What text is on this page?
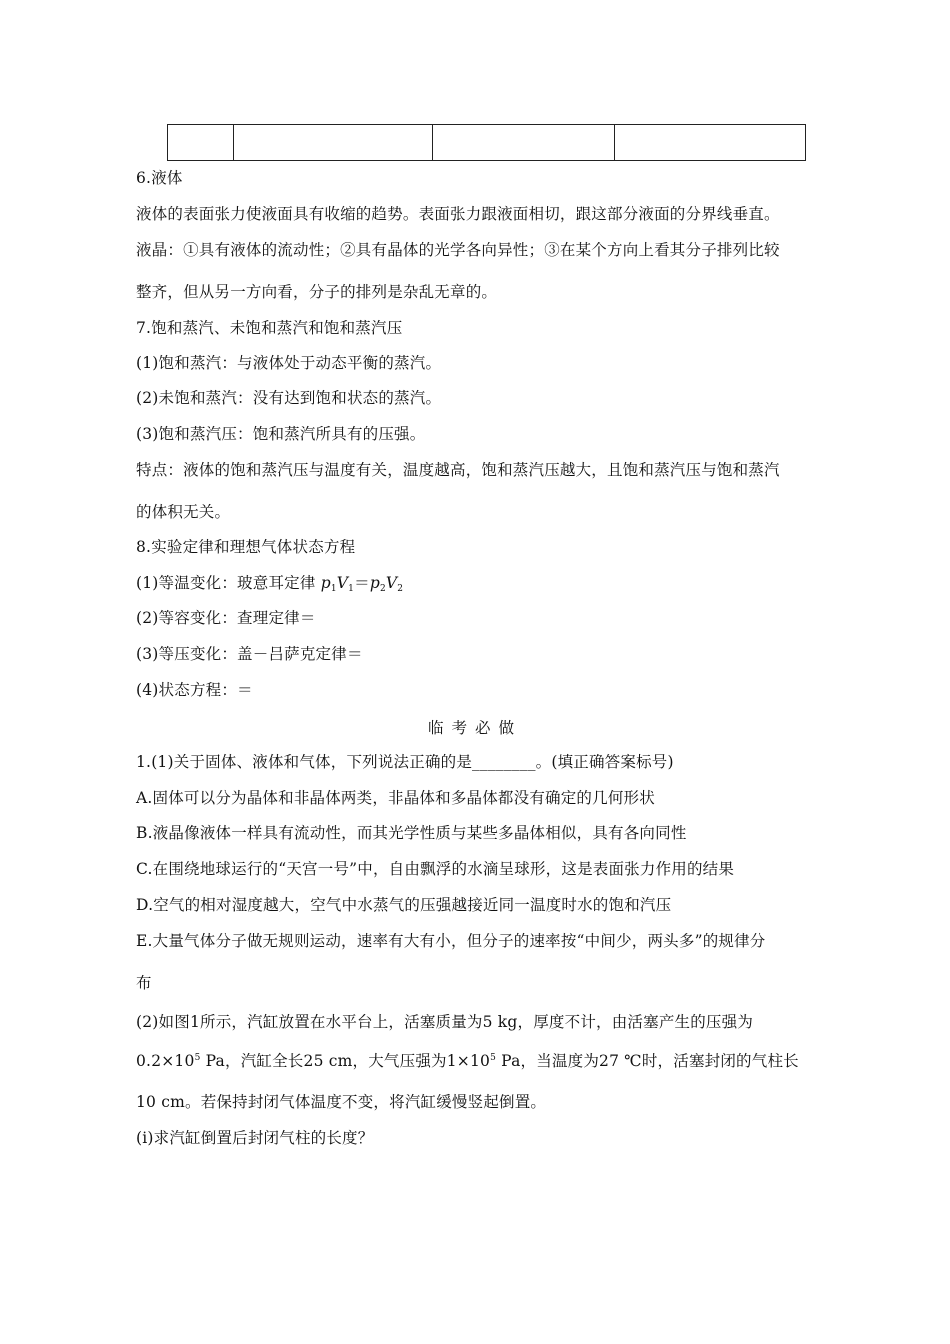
6.液体
液体的表面张力使液面具有收缩的趋势。表面张力跟液面相切，跟这部分液面的分界线垂直。
液晶：①具有液体的流动性；②具有晶体的光学各向异性；③在某个方向上看其分子排列比较
整齐，但从另一方向看，分子的排列是杂乱无章的。
7.饱和蒸汽、未饱和蒸汽和饱和蒸汽压
(1)饱和蒸汽：与液体处于动态平衡的蒸汽。
(2)未饱和蒸汽：没有达到饱和状态的蒸汽。
(3)饱和蒸汽压：饱和蒸汽所具有的压强。
特点：液体的饱和蒸汽压与温度有关，温度越高，饱和蒸汽压越大，且饱和蒸汽压与饱和蒸汽
的体积无关。
8.实验定律和理想气体状态方程
(1)等温变化：玻意耳定律 $p_1V_1=p_2V_2$
(2)等容变化：查理定律＝
(3)等压变化：盖－吕萨克定律＝
(4)状态方程：＝
临考必做
1.(1)关于固体、液体和气体，下列说法正确的是________。(填正确答案标号)
A.固体可以分为晶体和非晶体两类，非晶体和多晶体都没有确定的几何形状
B.液晶像液体一样具有流动性，而其光学性质与某些多晶体相似，具有各向同性
C.在围绕地球运行的“天宫一号”中，自由飘浮的水滴呈球形，这是表面张力作用的结果
D.空气的相对湿度越大，空气中水蒸气的压强越接近同一温度时水的饱和汽压
E.大量气体分子做无规则运动，速率有大有小，但分子的速率按“中间少，两头多”的规律分
布
(2)如图1所示，汽缸放置在水平台上，活塞质量为5 kg，厚度不计，由活塞产生的压强为
$0.2\times 10^5$ Pa，汽缸全长25 cm，大气压强为$1\times 10^5$ Pa，当温度为27 ℃时，活塞封闭的气柱长
10 cm。若保持封闭气体温度不变，将汽缸缓慢竖起倒置。
(ⅰ)求汽缸倒置后封闭气柱的长度？
